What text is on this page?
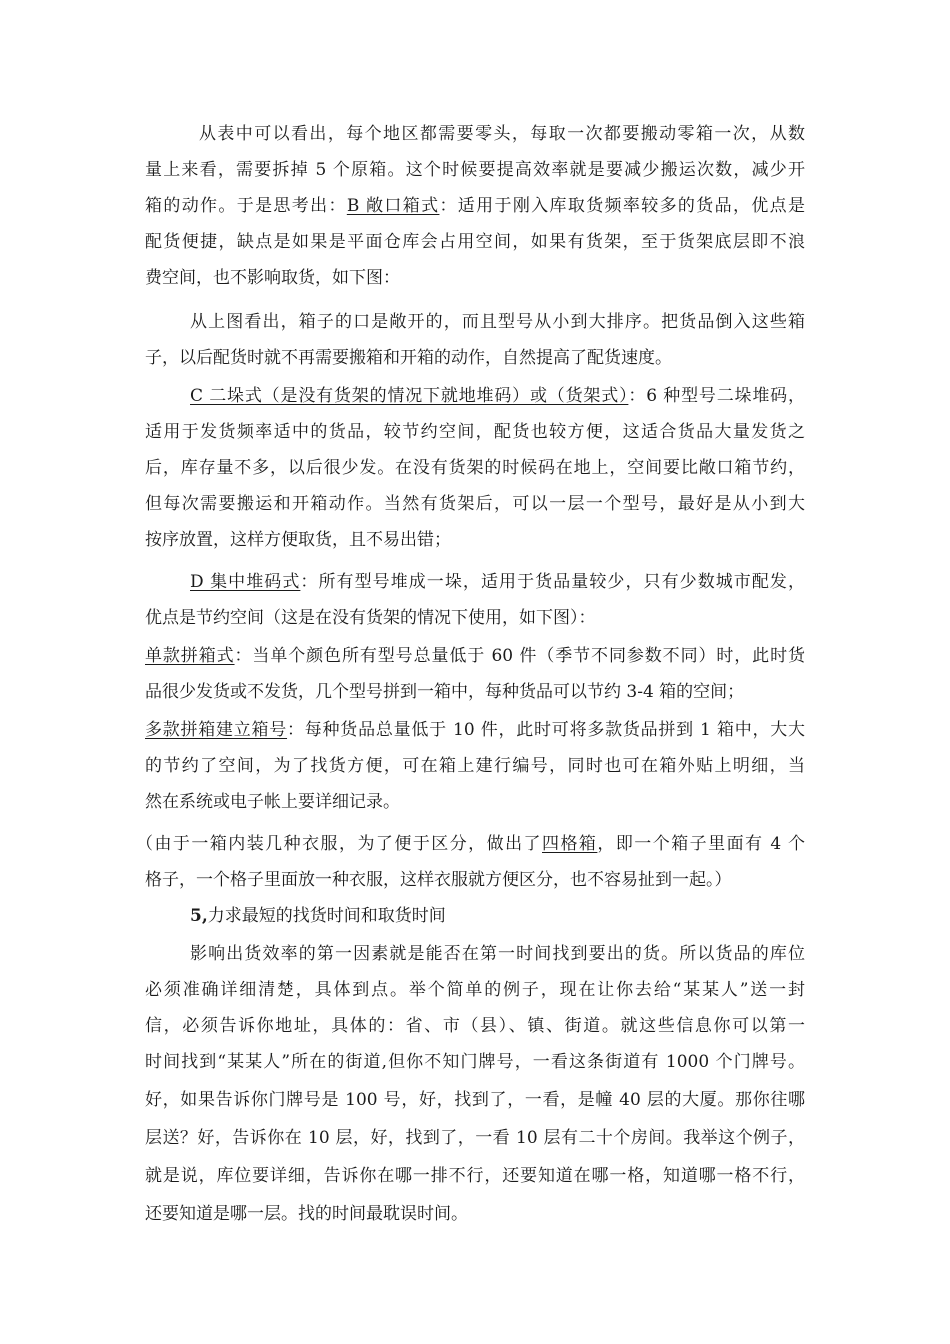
从表中可以看出，每个地区都需要零头，每取一次都要搬动零箱一次，从数
量上来看，需要拆掉 5 个原箱。这个时候要提高效率就是要减少搬运次数，减少开
箱的动作。于是思考出：B 敞口箱式：适用于刚入库取货频率较多的货品，优点是
配货便捷，缺点是如果是平面仓库会占用空间，如果有货架，至于货架底层即不浪
费空间，也不影响取货，如下图：
从上图看出，箱子的口是敞开的，而且型号从小到大排序。把货品倒入这些箱
子，以后配货时就不再需要搬箱和开箱的动作，自然提高了配货速度。
C 二垛式（是没有货架的情况下就地堆码）或（货架式）：6 种型号二垛堆码，
适用于发货频率适中的货品，较节约空间，配货也较方便，这适合货品大量发货之
后，库存量不多，以后很少发。在没有货架的时候码在地上，空间要比敞口箱节约，
但每次需要搬运和开箱动作。当然有货架后，可以一层一个型号，最好是从小到大
按序放置，这样方便取货，且不易出错；
D 集中堆码式：所有型号堆成一垛，适用于货品量较少，只有少数城市配发，
优点是节约空间（这是在没有货架的情况下使用，如下图）：
单款拼箱式：当单个颜色所有型号总量低于 60 件（季节不同参数不同）时，此时货
品很少发货或不发货，几个型号拼到一箱中，每种货品可以节约 3-4 箱的空间；
多款拼箱建立箱号：每种货品总量低于 10 件，此时可将多款货品拼到 1 箱中，大大
的节约了空间，为了找货方便，可在箱上建行编号，同时也可在箱外贴上明细，当
然在系统或电子帐上要详细记录。
（由于一箱内装几种衣服，为了便于区分，做出了四格箱，即一个箱子里面有 4 个
格子，一个格子里面放一种衣服，这样衣服就方便区分，也不容易扯到一起。）
5,力求最短的找货时间和取货时间
影响出货效率的第一因素就是能否在第一时间找到要出的货。所以货品的库位
必须准确详细清楚，具体到点。举个简单的例子，现在让你去给“某某人”送一封
信，必须告诉你地址，具体的：省、市（县）、镇、街道。就这些信息你可以第一
时间找到“某某人”所在的街道,但你不知门牌号，一看这条街道有 1000 个门牌号。
好，如果告诉你门牌号是 100 号，好，找到了，一看，是幢 40 层的大厦。那你往哪
层送？好，告诉你在 10 层，好，找到了，一看 10 层有二十个房间。我举这个例子，
就是说，库位要详细，告诉你在哪一排不行，还要知道在哪一格，知道哪一格不行，
还要知道是哪一层。找的时间最耽误时间。
